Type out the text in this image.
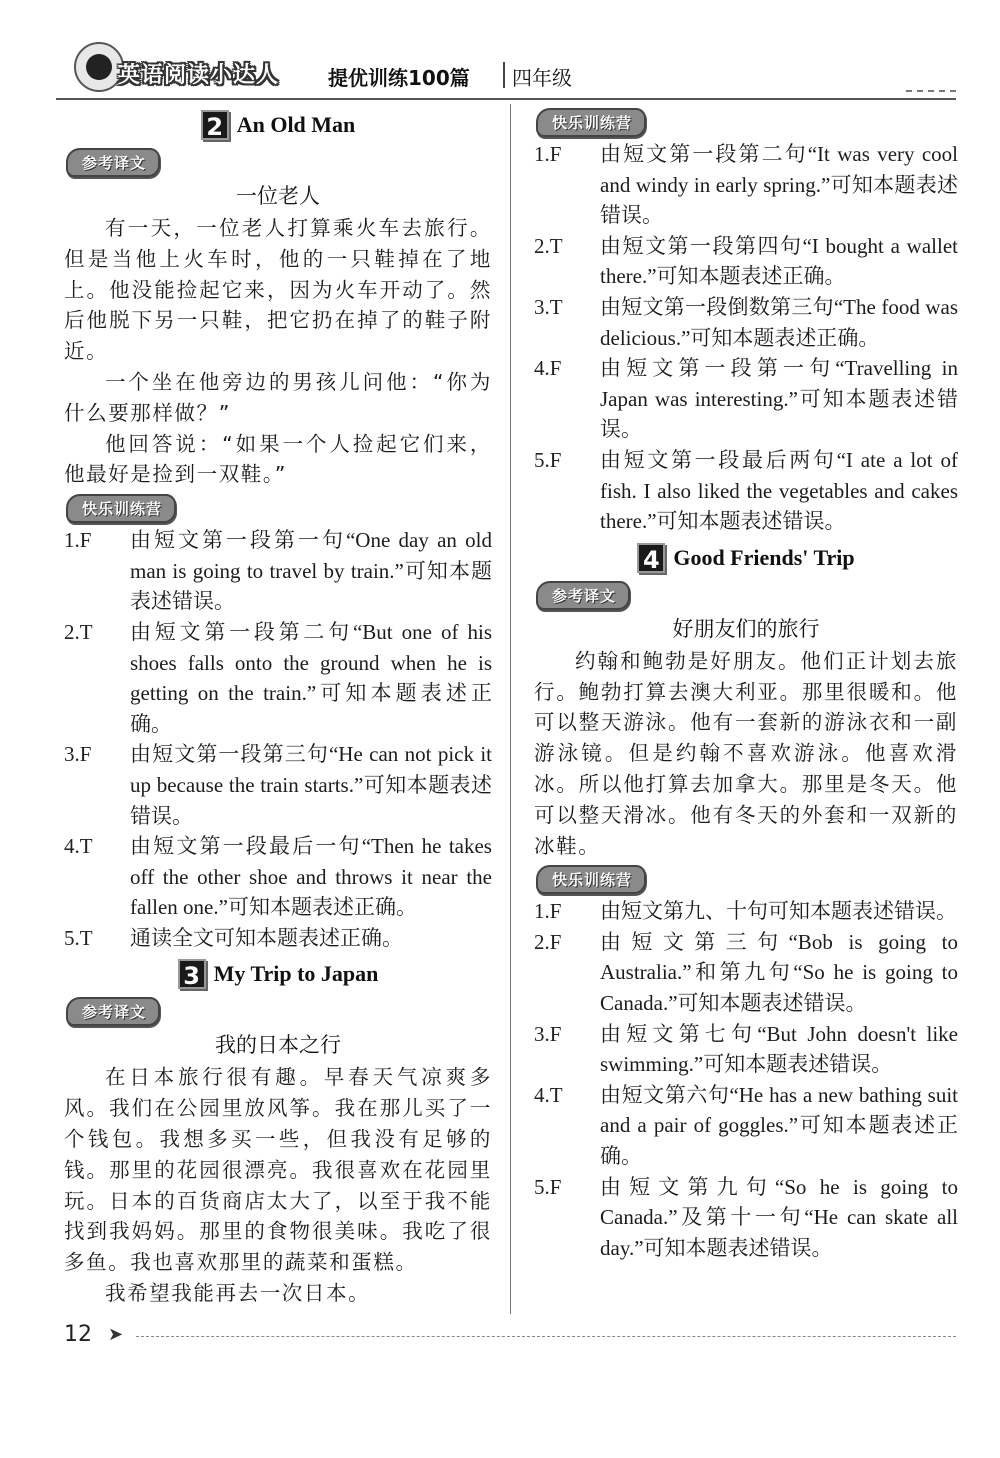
英语阅读小达人 提优训练100篇 四年级
2 An Old Man
参考译文
一位老人

有一天，一位老人打算乘火车去旅行。但是当他上火车时，他的一只鞋掉在了地上。他没能捡起它来，因为火车开动了。然后他脱下另一只鞋，把它扔在掉了的鞋子附近。

一个坐在他旁边的男孩儿问他：“你为什么要那样做？”

他回答说：“如果一个人捡起它们来，他最好是捡到一双鞋。”

快乐训练营
1.F	由短文第一段第一句“One day an old man is going to travel by train.”可知本题表述错误。
2.T	由短文第一段第二句“But one of his shoes falls onto the ground when he is getting on the train.”可知本题表述正确。
3.F	由短文第一段第三句“He can not pick it up because the train starts.”可知本题表述错误。
4.T	由短文第一段最后一句“Then he takes off the other shoe and throws it near the fallen one.”可知本题表述正确。
5.T	通读全文可知本题表述正确。
3 My Trip to Japan
参考译文
我的日本之行

在日本旅行很有趣。早春天气凉爽多风。我们在公园里放风筝。我在那儿买了一个钱包。我想多买一些，但我没有足够的钱。那里的花园很漂亮。我很喜欢在花园里玩。日本的百货商店太大了，以至于我不能找到我妈妈。那里的食物很美味。我吃了很多鱼。我也喜欢那里的蔬菜和蛋糕。

我希望我能再去一次日本。

快乐训练营
1.F	由短文第一段第二句“It was very cool and windy in early spring.”可知本题表述错误。
2.T	由短文第一段第四句“I bought a wallet there.”可知本题表述正确。
3.T	由短文第一段倒数第三句“The food was delicious.”可知本题表述正确。
4.F	由短文第一段第一句“Travelling in Japan was interesting.”可知本题表述错误。
5.F	由短文第一段最后两句“I ate a lot of fish. I also liked the vegetables and cakes there.”可知本题表述错误。
4 Good Friends' Trip
参考译文
好朋友们的旅行

约翰和鲍勃是好朋友。他们正计划去旅行。鲍勃打算去澳大利亚。那里很暖和。他可以整天游泳。他有一套新的游泳衣和一副游泳镜。但是约翰不喜欢游泳。他喜欢滑冰。所以他打算去加拿大。那里是冬天。他可以整天滑冰。他有冬天的外套和一双新的冰鞋。

快乐训练营
1.F	由短文第九、十句可知本题表述错误。
2.F	由短文第三句“Bob is going to Australia.”和第九句“So he is going to Canada.”可知本题表述错误。
3.F	由短文第七句“But John doesn't like swimming.”可知本题表述错误。
4.T	由短文第六句“He has a new bathing suit and a pair of goggles.”可知本题表述正确。
5.F	由短文第九句“So he is going to Canada.”及第十一句“He can skate all day.”可知本题表述错误。
12 ➤
